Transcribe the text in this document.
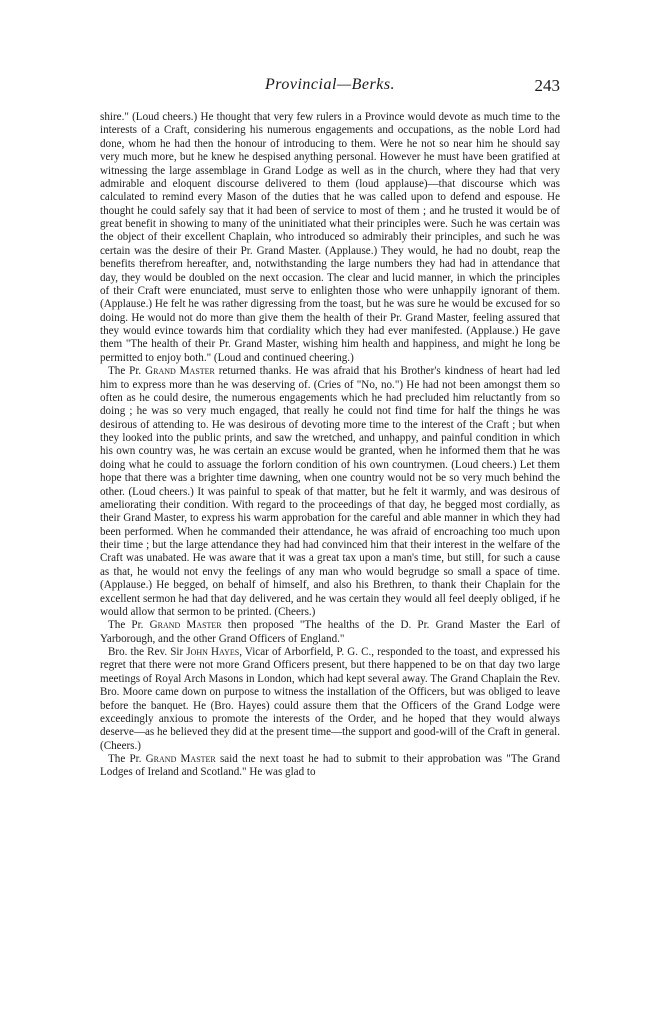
Provincial—Berks.	243

shire." (Loud cheers.) He thought that very few rulers in a Province would devote as much time to the interests of a Craft, considering his numerous engagements and occupations, as the noble Lord had done, whom he had then the honour of introducing to them. Were he not so near him he should say very much more, but he knew he despised anything personal. However he must have been gratified at witnessing the large assemblage in Grand Lodge as well as in the church, where they had that very admirable and eloquent discourse delivered to them (loud applause)—that discourse which was calculated to remind every Mason of the duties that he was called upon to defend and espouse. He thought he could safely say that it had been of service to most of them ; and he trusted it would be of great benefit in showing to many of the uninitiated what their principles were. Such he was certain was the object of their excellent Chaplain, who introduced so admirably their principles, and such he was certain was the desire of their Pr. Grand Master. (Applause.) They would, he had no doubt, reap the benefits therefrom hereafter, and, notwithstanding the large numbers they had had in attendance that day, they would be doubled on the next occasion. The clear and lucid manner, in which the principles of their Craft were enunciated, must serve to enlighten those who were unhappily ignorant of them. (Applause.) He felt he was rather digressing from the toast, but he was sure he would be excused for so doing. He would not do more than give them the health of their Pr. Grand Master, feeling assured that they would evince towards him that cordiality which they had ever manifested. (Applause.) He gave them "The health of their Pr. Grand Master, wishing him health and happiness, and might he long be permitted to enjoy both." (Loud and continued cheering.)

The Pr. Grand Master returned thanks. He was afraid that his Brother's kindness of heart had led him to express more than he was deserving of. (Cries of "No, no.") He had not been amongst them so often as he could desire, the numerous engagements which he had precluded him reluctantly from so doing ; he was so very much engaged, that really he could not find time for half the things he was desirous of attending to. He was desirous of devoting more time to the interest of the Craft ; but when they looked into the public prints, and saw the wretched, and unhappy, and painful condition in which his own country was, he was certain an excuse would be granted, when he informed them that he was doing what he could to assuage the forlorn condition of his own countrymen. (Loud cheers.) Let them hope that there was a brighter time dawning, when one country would not be so very much behind the other. (Loud cheers.) It was painful to speak of that matter, but he felt it warmly, and was desirous of ameliorating their condition. With regard to the proceedings of that day, he begged most cordially, as their Grand Master, to express his warm approbation for the careful and able manner in which they had been performed. When he commanded their attendance, he was afraid of encroaching too much upon their time ; but the large attendance they had had convinced him that their interest in the welfare of the Craft was unabated. He was aware that it was a great tax upon a man's time, but still, for such a cause as that, he would not envy the feelings of any man who would begrudge so small a space of time. (Applause.) He begged, on behalf of himself, and also his Brethren, to thank their Chaplain for the excellent sermon he had that day delivered, and he was certain they would all feel deeply obliged, if he would allow that sermon to be printed. (Cheers.)

The Pr. Grand Master then proposed "The healths of the D. Pr. Grand Master the Earl of Yarborough, and the other Grand Officers of England."

Bro. the Rev. Sir John Hayes, Vicar of Arborfield, P. G. C., responded to the toast, and expressed his regret that there were not more Grand Officers present, but there happened to be on that day two large meetings of Royal Arch Masons in London, which had kept several away. The Grand Chaplain the Rev. Bro. Moore came down on purpose to witness the installation of the Officers, but was obliged to leave before the banquet. He (Bro. Hayes) could assure them that the Officers of the Grand Lodge were exceedingly anxious to promote the interests of the Order, and he hoped that they would always deserve—as he believed they did at the present time—the support and good-will of the Craft in general. (Cheers.)

The Pr. Grand Master said the next toast he had to submit to their approbation was "The Grand Lodges of Ireland and Scotland." He was glad to
